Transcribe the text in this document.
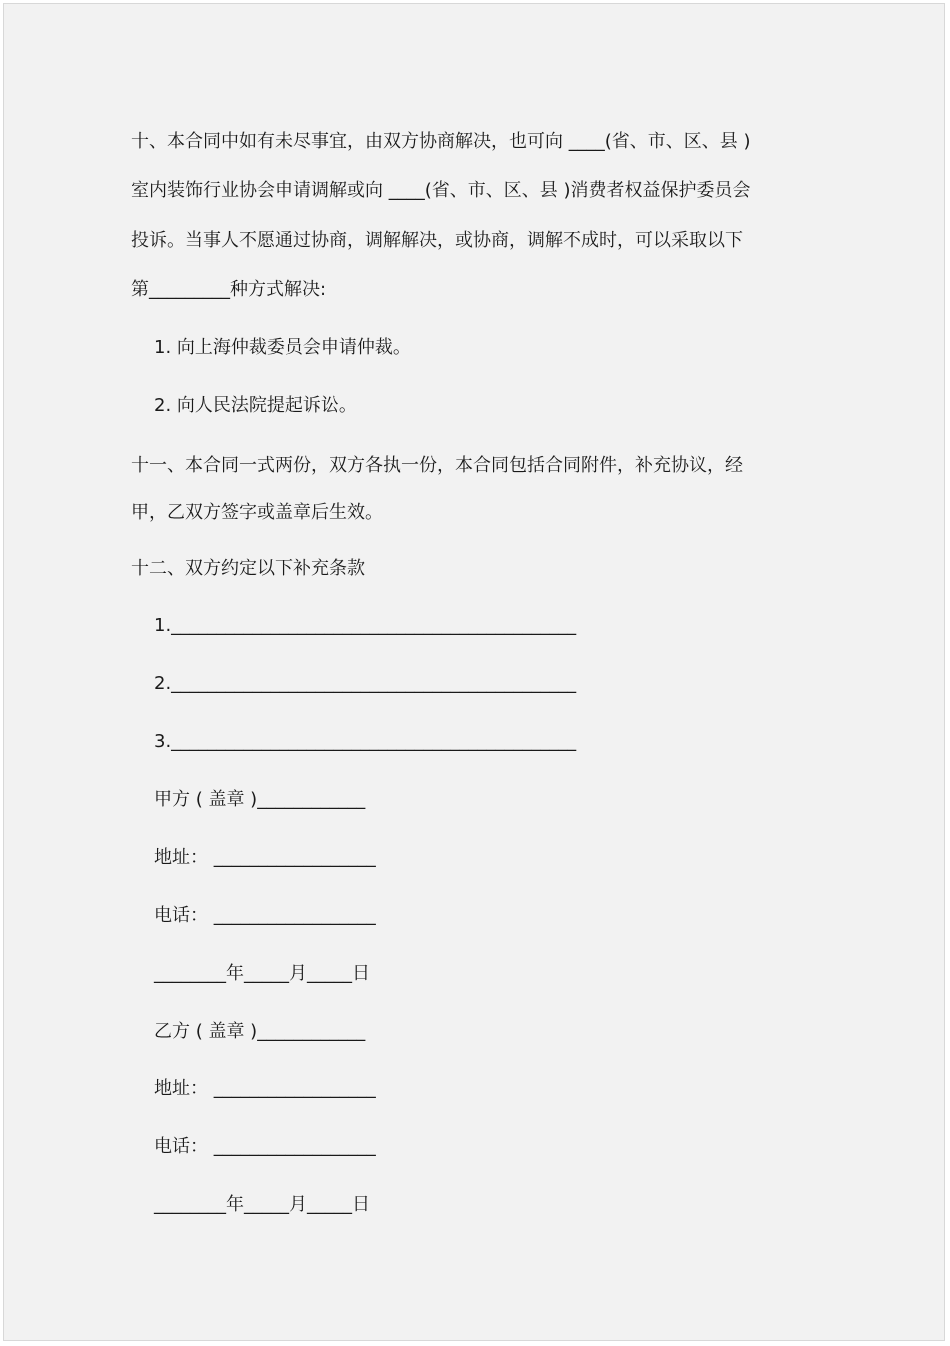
十、本合同中如有未尽事宜，由双方协商解决，也可向 ____(省、市、区、县 )

室内装饰行业协会申请调解或向 ____(省、市、区、县 )消费者权益保护委员会

投诉。当事人不愿通过协商，调解解决，或协商，调解不成时，可以采取以下

第_________种方式解决:

1. 向上海仲裁委员会申请仲裁。

2. 向人民法院提起诉讼。

十一、本合同一式两份，双方各执一份，本合同包括合同附件，补充协议，经

甲，乙双方签字或盖章后生效。

十二、双方约定以下补充条款

1._____________________________________________

2._____________________________________________

3._____________________________________________

甲方 ( 盖章 )____________

地址： __________________

电话： __________________

________年_____月_____日

乙方 ( 盖章 )____________

地址： __________________

电话： __________________

________年_____月_____日
